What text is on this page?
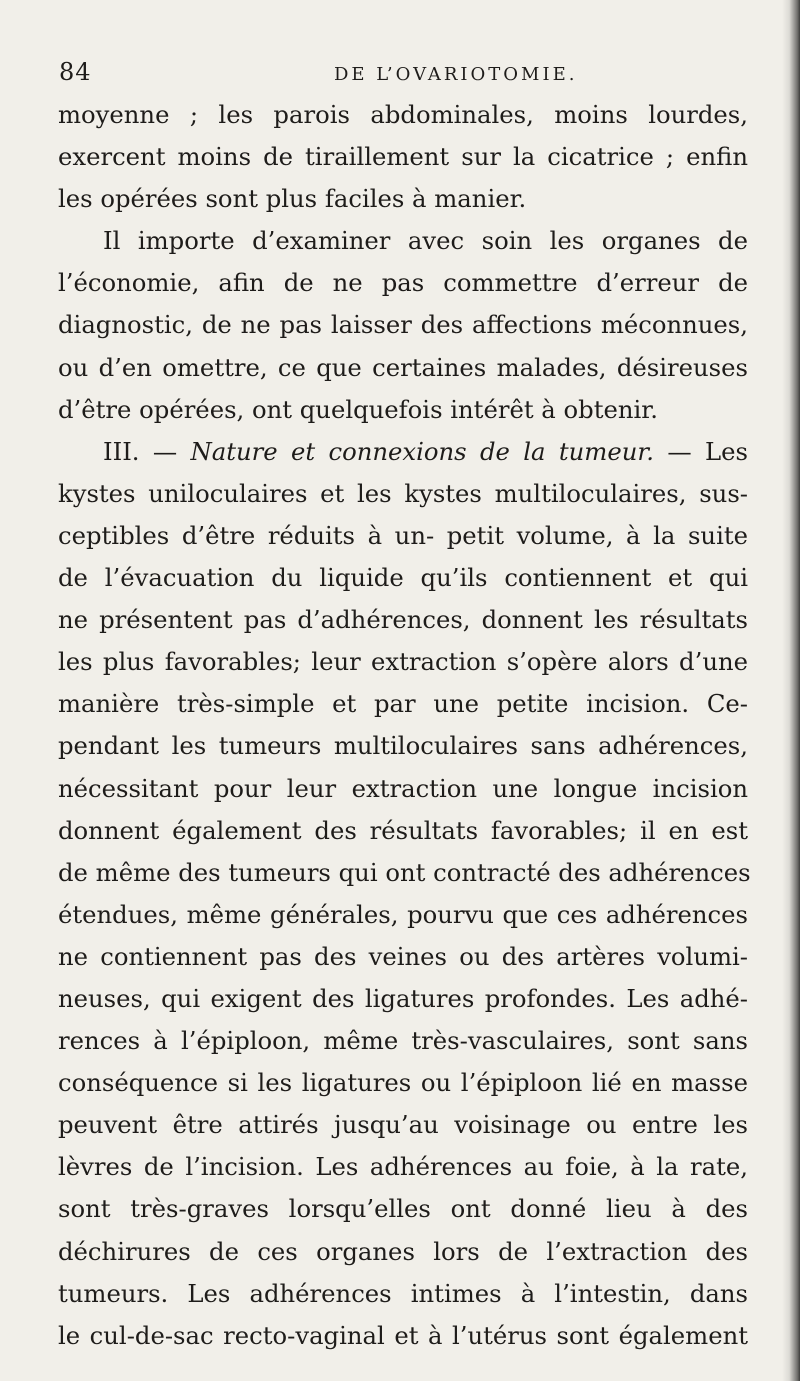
84	DE L’OVARIOTOMIE.
moyenne ; les parois abdominales, moins lourdes,
exercent moins de tiraillement sur la cicatrice ; enfin
les opérées sont plus faciles à manier.
Il importe d’examiner avec soin les organes de
l’économie, afin de ne pas commettre d’erreur de
diagnostic, de ne pas laisser des affections méconnues,
ou d’en omettre, ce que certaines malades, désireuses
d’être opérées, ont quelquefois intérêt à obtenir.
III. — Nature et connexions de la tumeur. — Les
kystes uniloculaires et les kystes multiloculaires, sus-
ceptibles d’être réduits à un- petit volume, à la suite
de l’évacuation du liquide qu’ils contiennent et qui
ne présentent pas d’adhérences, donnent les résultats
les plus favorables; leur extraction s’opère alors d’une
manière très-simple et par une petite incision. Ce-
pendant les tumeurs multiloculaires sans adhérences,
nécessitant pour leur extraction une longue incision
donnent également des résultats favorables; il en est
de même des tumeurs qui ont contracté des adhérences
étendues, même générales, pourvu que ces adhérences
ne contiennent pas des veines ou des artères volumi-
neuses, qui exigent des ligatures profondes. Les adhé-
rences à l’épiploon, même très-vasculaires, sont sans
conséquence si les ligatures ou l’épiploon lié en masse
peuvent être attirés jusqu’au voisinage ou entre les
lèvres de l’incision. Les adhérences au foie, à la rate,
sont très-graves lorsqu’elles ont donné lieu à des
déchirures de ces organes lors de l’extraction des
tumeurs. Les adhérences intimes à l’intestin, dans
le cul-de-sac recto-vaginal et à l’utérus sont également
